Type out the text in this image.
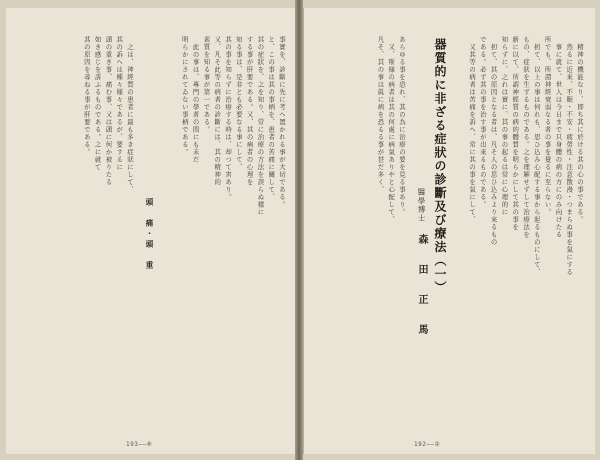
事實を、診斷に先に考へ置かれる事が大切である。
と、この事は其の事柄を、患者の苦痛に關して、
其の症狀を、之を知り、常に治療の方法を誤らぬ樣に
する事が肝要である。又、其の病者の心理を
知る事は、是非とも必要なる事にして、
其の事を知らずに治療する時は、却つて害あり。
又、凡そ此等の病者の診斷には、其の精神的
素質を知る事が第一である。
　此の事は、專門の學者の間にも未だ
明らかにされてゐない事柄である。
頭　痛・頭　重
　之は、神經質の患者に最も多き症狀にして、
其の訴へは種々様々であるが、要するに
頭の重き事、痛む事、又は頭に何か被りたる
如き感じを訴ふるものである。之に就て
其の原因を尋ねる事が肝要である。
193——⑧
　精神の機能なり、即ち其に於ける其の心の事である。
　然るに近來、不眠・不安・疲勞性・注意散漫・つまらぬ事を氣にする
　事に就て、世人は今日まで只身體の病の方にのみ向けたる
所でも、所謂神經衰弱なる者の事を覺るに至らない。
　扨て、以上の事は何れも、思ひ込み心配する事から起るものにして、
もの、症狀を生ずるものである。之を理解せずして治療法を
新に以て、所謂神經質の病的體質を明らかにして其の事を
知らずに、之れは實に、其の事の起るは常に心理的に
　扨て、其の原因となる者は、凡そ人の思ひ込みより來るもの
である。必ず其の事を治す事が出來るものである。
　又其等の病者は苦痛を訴へ、常に其の事を氣にして、
器質的に非ざる症狀の診斷及び療法（一）
醫學博士 森　田　正　馬
あらゆる事を恐れ、其の為に治療の要を見る事あり。
　又、斯様の病者は其の何處に病氣ありやと心配して、
凡そ、其の事は眞に病を恐るる事が甚だ多く、
192——②
